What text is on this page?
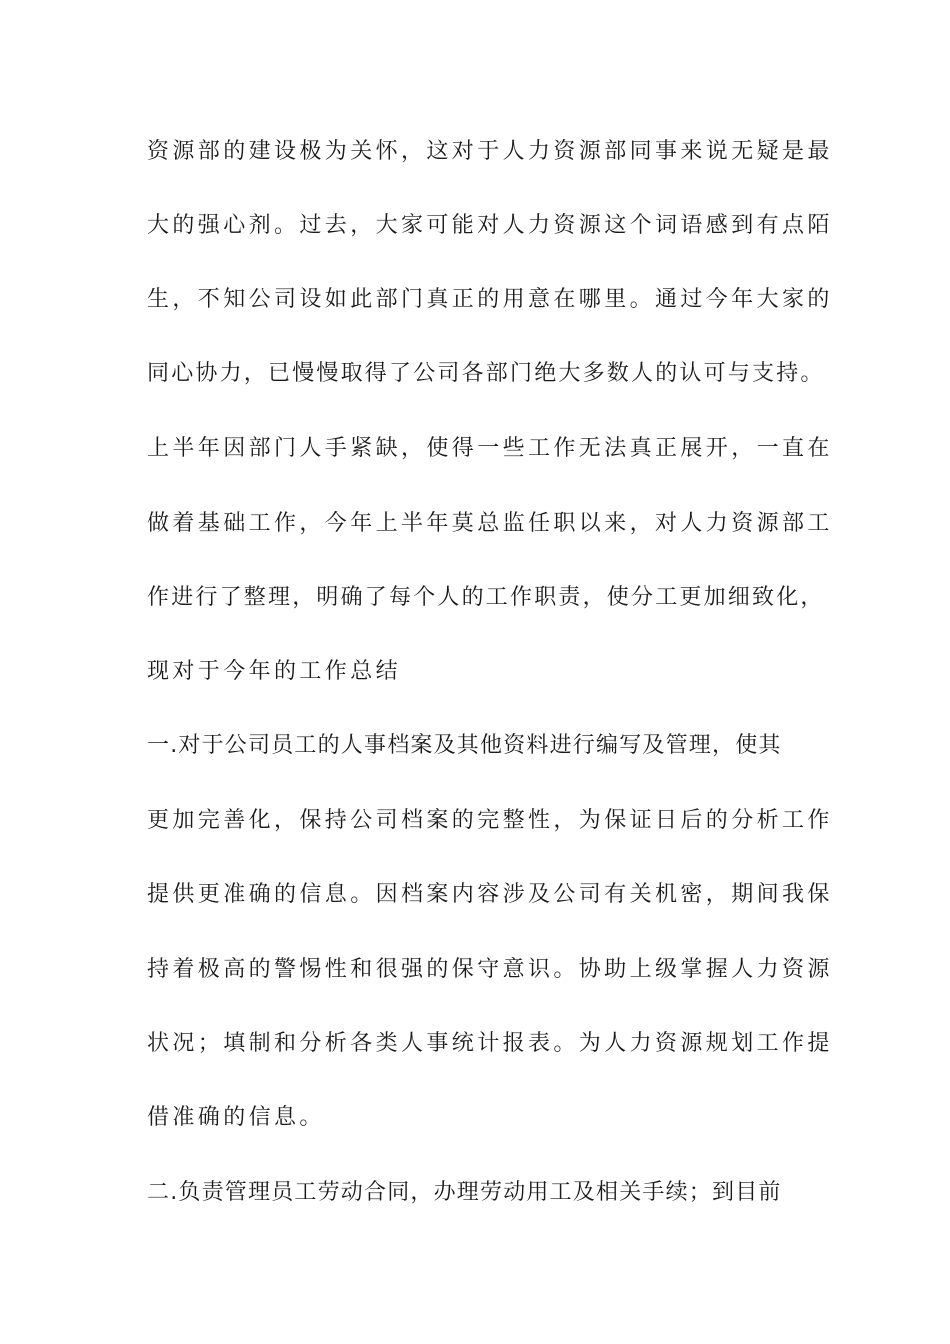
资源部的建设极为关怀，这对于人力资源部同事来说无疑是最
大的强心剂。过去，大家可能对人力资源这个词语感到有点陌
生，不知公司设如此部门真正的用意在哪里。通过今年大家的
同心协力，已慢慢取得了公司各部门绝大多数人的认可与支持。
上半年因部门人手紧缺，使得一些工作无法真正展开，一直在
做着基础工作，今年上半年莫总监任职以来，对人力资源部工
作进行了整理，明确了每个人的工作职责，使分工更加细致化，
现对于今年的工作总结
一.对于公司员工的人事档案及其他资料进行编写及管理，使其
更加完善化，保持公司档案的完整性，为保证日后的分析工作
提供更准确的信息。因档案内容涉及公司有关机密，期间我保
持着极高的警惕性和很强的保守意识。协助上级掌握人力资源
状况；填制和分析各类人事统计报表。为人力资源规划工作提
借准确的信息。
二.负责管理员工劳动合同，办理劳动用工及相关手续；到目前
